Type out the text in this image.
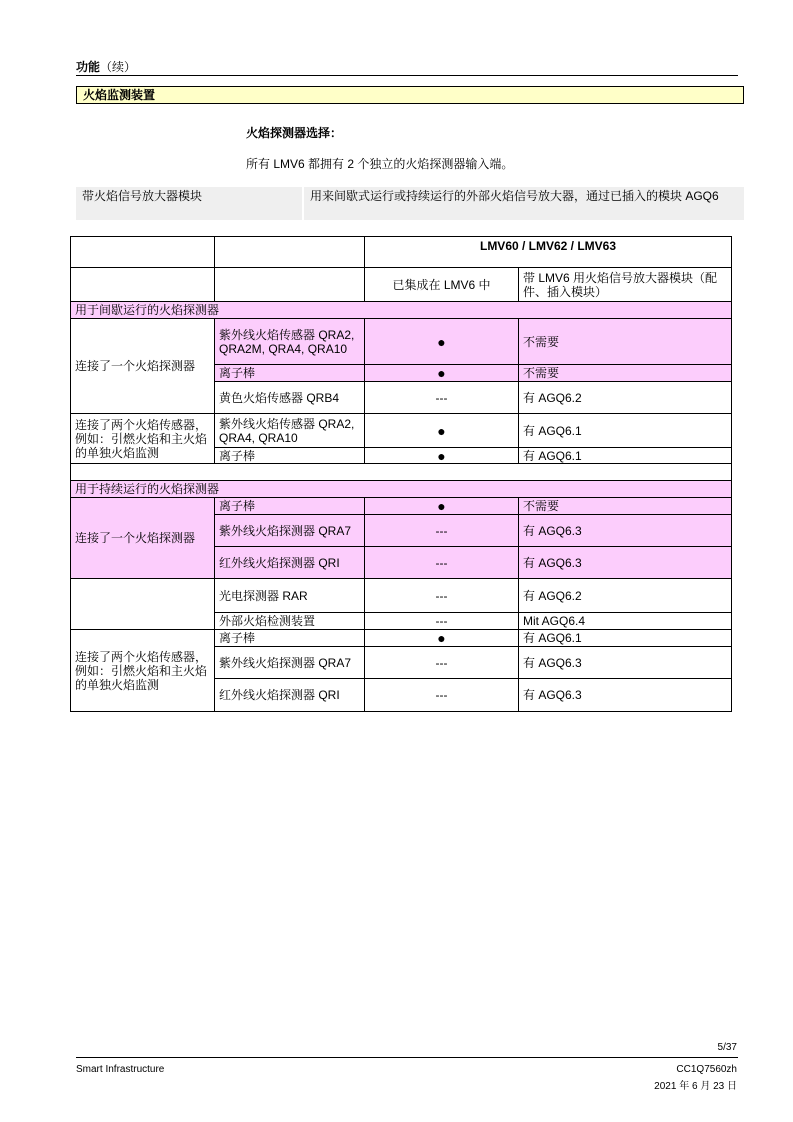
功能（续）
火焰监测装置
火焰探测器选择：
所有 LMV6 都拥有 2 个独立的火焰探测器输入端。
带火焰信号放大器模块	用来间歇式运行或持续运行的外部火焰信号放大器，通过已插入的模块 AGQ6
		LMV60 / LMV62 / LMV63	
		已集成在 LMV6 中	带 LMV6 用火焰信号放大器模块（配件、插入模块）
用于间歇运行的火焰探测器			
连接了一个火焰探测器	紫外线火焰传感器 QRA2, QRA2M, QRA4, QRA10	●	不需要
	离子棒	●	不需要
	黄色火焰传感器 QRB4	---	有 AGQ6.2
连接了两个火焰传感器，例如：引燃火焰和主火焰的单独火焰监测	紫外线火焰传感器 QRA2, QRA4, QRA10	●	有 AGQ6.1
	离子棒	●	有 AGQ6.1

用于持续运行的火焰探测器			
连接了一个火焰探测器	离子棒	●	不需要
	紫外线火焰探测器 QRA7	---	有 AGQ6.3
	红外线火焰探测器 QRI	---	有 AGQ6.3
	光电探测器 RAR	---	有 AGQ6.2
	外部火焰检测装置	---	Mit AGQ6.4
连接了两个火焰传感器，例如：引燃火焰和主火焰的单独火焰监测	离子棒	●	有 AGQ6.1
	紫外线火焰探测器 QRA7	---	有 AGQ6.3
	红外线火焰探测器 QRI	---	有 AGQ6.3
5/37
Smart Infrastructure	CC1Q7560zh
2021 年 6 月 23 日
